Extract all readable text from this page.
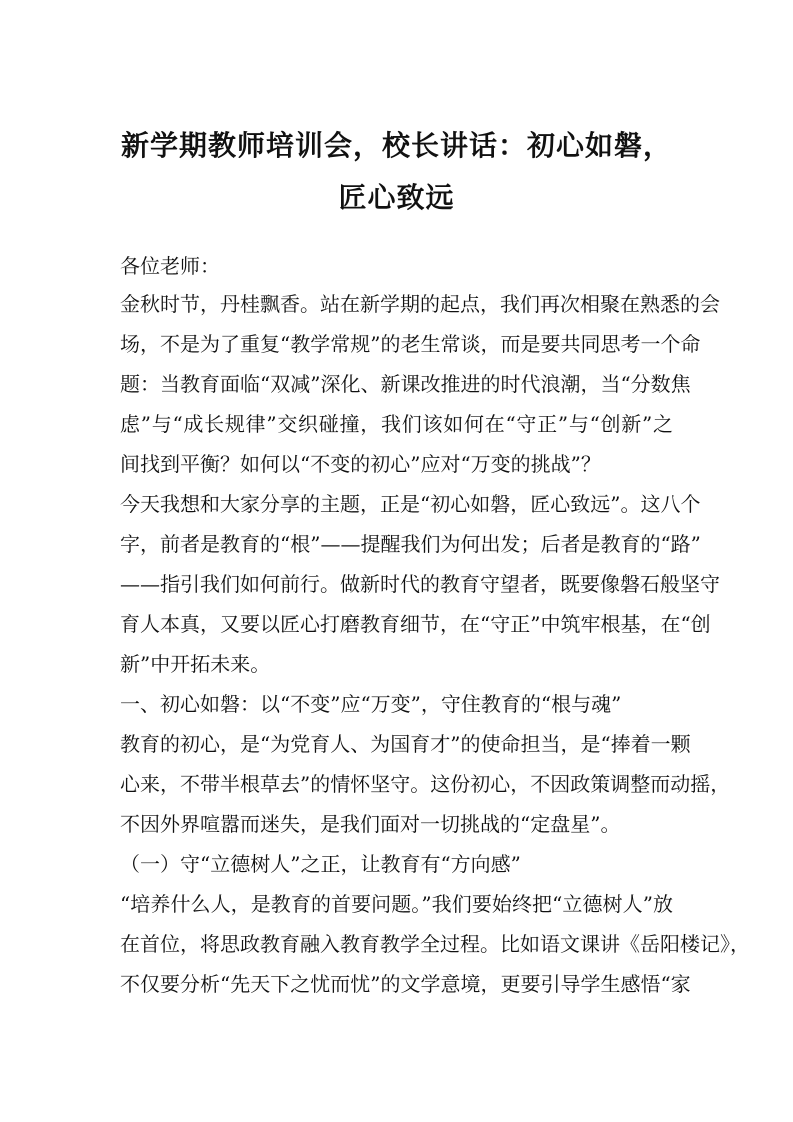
新学期教师培训会，校长讲话：初心如磐，
匠心致远
各位老师：
金秋时节，丹桂飘香。站在新学期的起点，我们再次相聚在熟悉的会
场，不是为了重复“教学常规”的老生常谈，而是要共同思考一个命
题：当教育面临“双减”深化、新课改推进的时代浪潮，当“分数焦
虑”与“成长规律”交织碰撞，我们该如何在“守正”与“创新”之
间找到平衡？如何以“不变的初心”应对“万变的挑战”？
今天我想和大家分享的主题，正是“初心如磐，匠心致远”。这八个
字，前者是教育的“根”——提醒我们为何出发；后者是教育的“路”
——指引我们如何前行。做新时代的教育守望者，既要像磐石般坚守
育人本真，又要以匠心打磨教育细节，在“守正”中筑牢根基，在“创
新”中开拓未来。
一、初心如磐：以“不变”应“万变”，守住教育的“根与魂”
教育的初心，是“为党育人、为国育才”的使命担当，是“捧着一颗
心来，不带半根草去”的情怀坚守。这份初心，不因政策调整而动摇，
不因外界喧嚣而迷失，是我们面对一切挑战的“定盘星”。
（一）守“立德树人”之正，让教育有“方向感”
“培养什么人，是教育的首要问题。”我们要始终把“立德树人”放
在首位，将思政教育融入教育教学全过程。比如语文课讲《岳阳楼记》，
不仅要分析“先天下之忧而忧”的文学意境，更要引导学生感悟“家
